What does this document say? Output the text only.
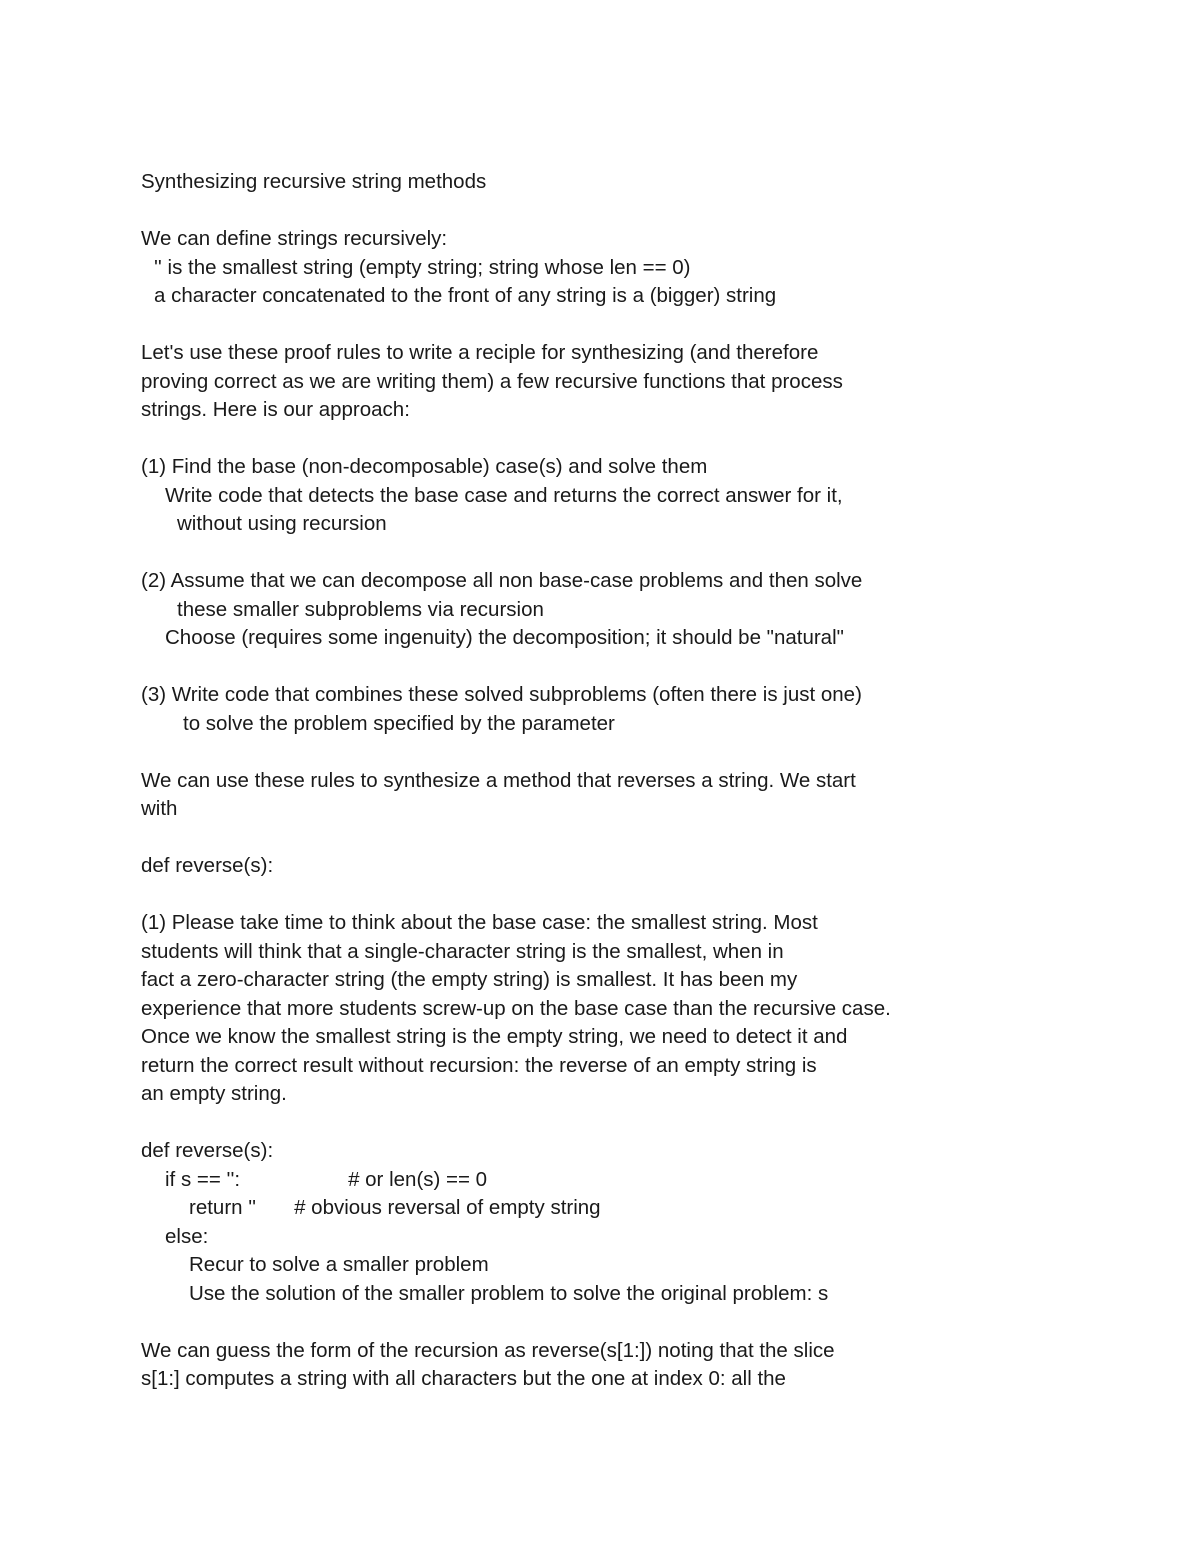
Synthesizing recursive string methods

We can define strings recursively:

'' is the smallest string (empty string; string whose len == 0)

a character concatenated to the front of any string is a (bigger) string

Let's use these proof rules to write a reciple for synthesizing (and therefore

proving correct as we are writing them) a few recursive functions that process

strings. Here is our approach:

(1) Find the base (non-decomposable) case(s) and solve them

Write code that detects the base case and returns the correct answer for it,

without using recursion

(2) Assume that we can decompose all non base-case problems and then solve

these smaller subproblems via recursion

Choose (requires some ingenuity) the decomposition; it should be "natural"

(3) Write code that combines these solved subproblems (often there is just one)

to solve the problem specified by the parameter

We can use these rules to synthesize a method that reverses a string. We start

with

def reverse(s):

(1) Please take time to think about the base case: the smallest string. Most

students will think that a single-character string is the smallest, when in

fact a zero-character string (the empty string) is smallest. It has been my

experience that more students screw-up on the base case than the recursive case.

Once we know the smallest string is the empty string, we need to detect it and

return the correct result without recursion: the reverse of an empty string is

an empty string.

def reverse(s):

if s == '':	# or len(s) == 0

return '' # obvious reversal of empty string

else:

Recur to solve a smaller problem

Use the solution of the smaller problem to solve the original problem: s

We can guess the form of the recursion as reverse(s[1:]) noting that the slice

s[1:] computes a string with all characters but the one at index 0: all the
